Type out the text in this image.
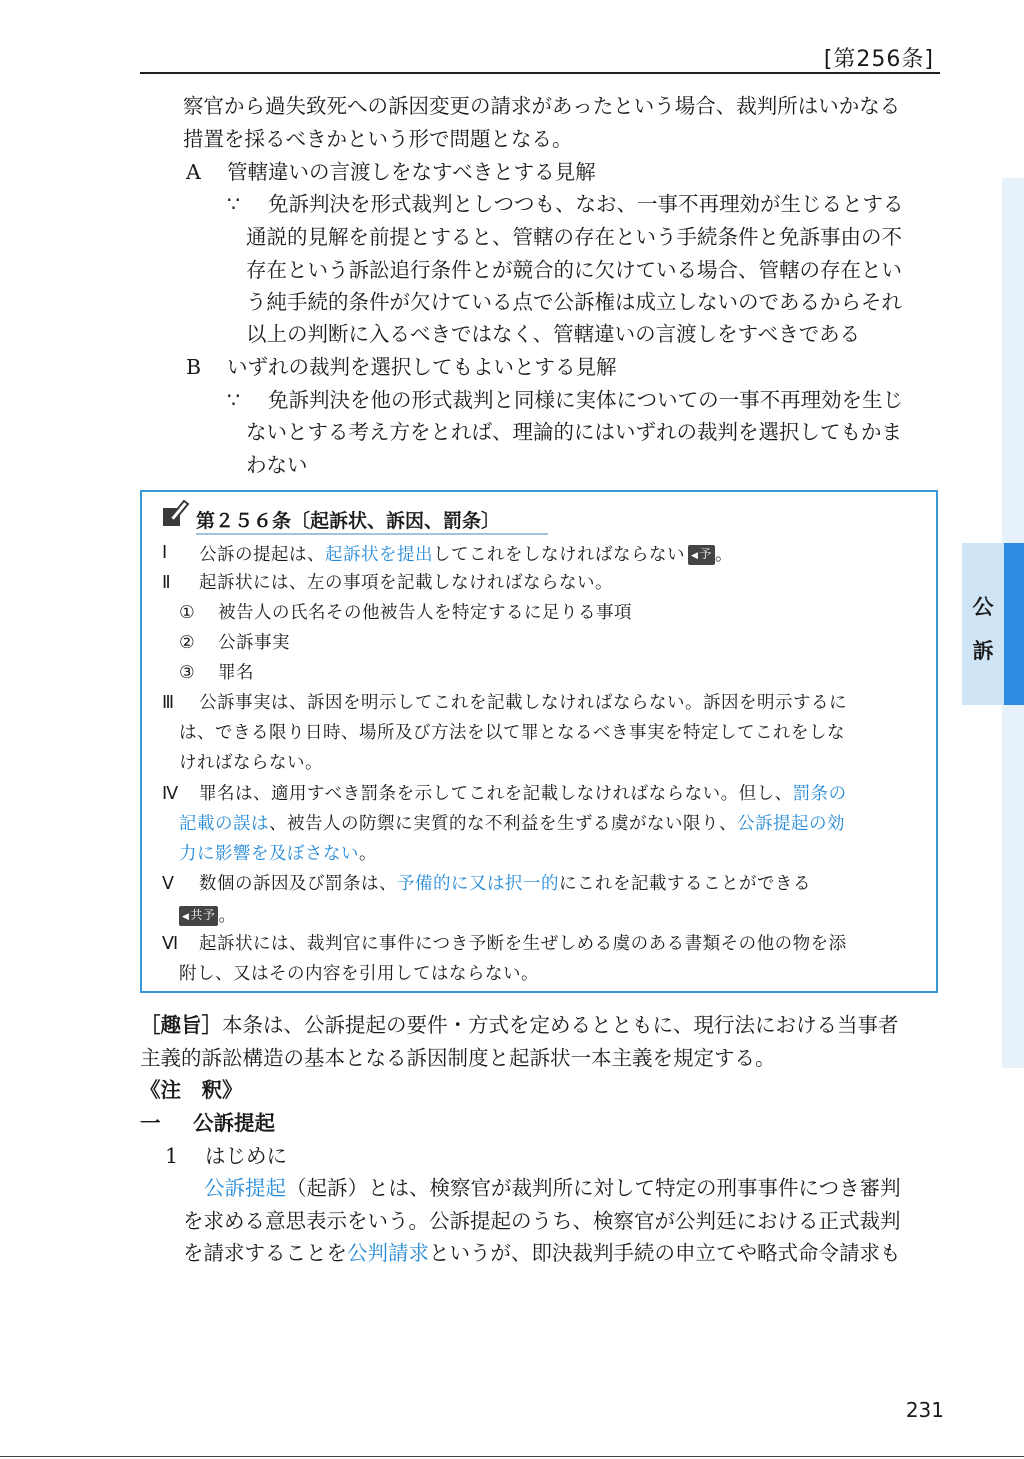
[第256条]
公
訴
察官から過失致死への訴因変更の請求があったという場合、裁判所はいかなる
措置を採るべきかという形で問題となる。
A 管轄違いの言渡しをなすべきとする見解
∵ 免訴判決を形式裁判としつつも、なお、一事不再理効が生じるとする
通説的見解を前提とすると、管轄の存在という手続条件と免訴事由の不
存在という訴訟追行条件とが競合的に欠けている場合、管轄の存在とい
う純手続的条件が欠けている点で公訴権は成立しないのであるからそれ
以上の判断に入るべきではなく、管轄違いの言渡しをすべきである
B いずれの裁判を選択してもよいとする見解
∵ 免訴判決を他の形式裁判と同様に実体についての一事不再理効を生じ
ないとする考え方をとれば、理論的にはいずれの裁判を選択してもかま
わない
第２５６条〔起訴状、訴因、罰条〕
Ⅰ 公訴の提起は、起訴状を提出してこれをしなければならない◀ 予 。
Ⅱ 起訴状には、左の事項を記載しなければならない。
① 被告人の氏名その他被告人を特定するに足りる事項
② 公訴事実
③ 罪名
Ⅲ 公訴事実は、訴因を明示してこれを記載しなければならない。訴因を明示するに
は、できる限り日時、場所及び方法を以て罪となるべき事実を特定してこれをしな
ければならない。
Ⅳ 罪名は、適用すべき罰条を示してこれを記載しなければならない。但し、罰条の
記載の誤は、被告人の防禦に実質的な不利益を生ずる虞がない限り、公訴提起の効
力に影響を及ぼさない。
Ⅴ 数個の訴因及び罰条は、予備的に又は択一的にこれを記載することができる
◀ 共予 。
Ⅵ 起訴状には、裁判官に事件につき予断を生ぜしめる虞のある書類その他の物を添
附し、又はその内容を引用してはならない。
［趣旨］本条は、公訴提起の要件・方式を定めるとともに、現行法における当事者
主義的訴訟構造の基本となる訴因制度と起訴状一本主義を規定する。
《注　釈》
一 公訴提起
1 はじめに
公訴提起（起訴）とは、検察官が裁判所に対して特定の刑事事件につき審判
を求める意思表示をいう。公訴提起のうち、検察官が公判廷における正式裁判
を請求することを公判請求というが、即決裁判手続の申立てや略式命令請求も
231
